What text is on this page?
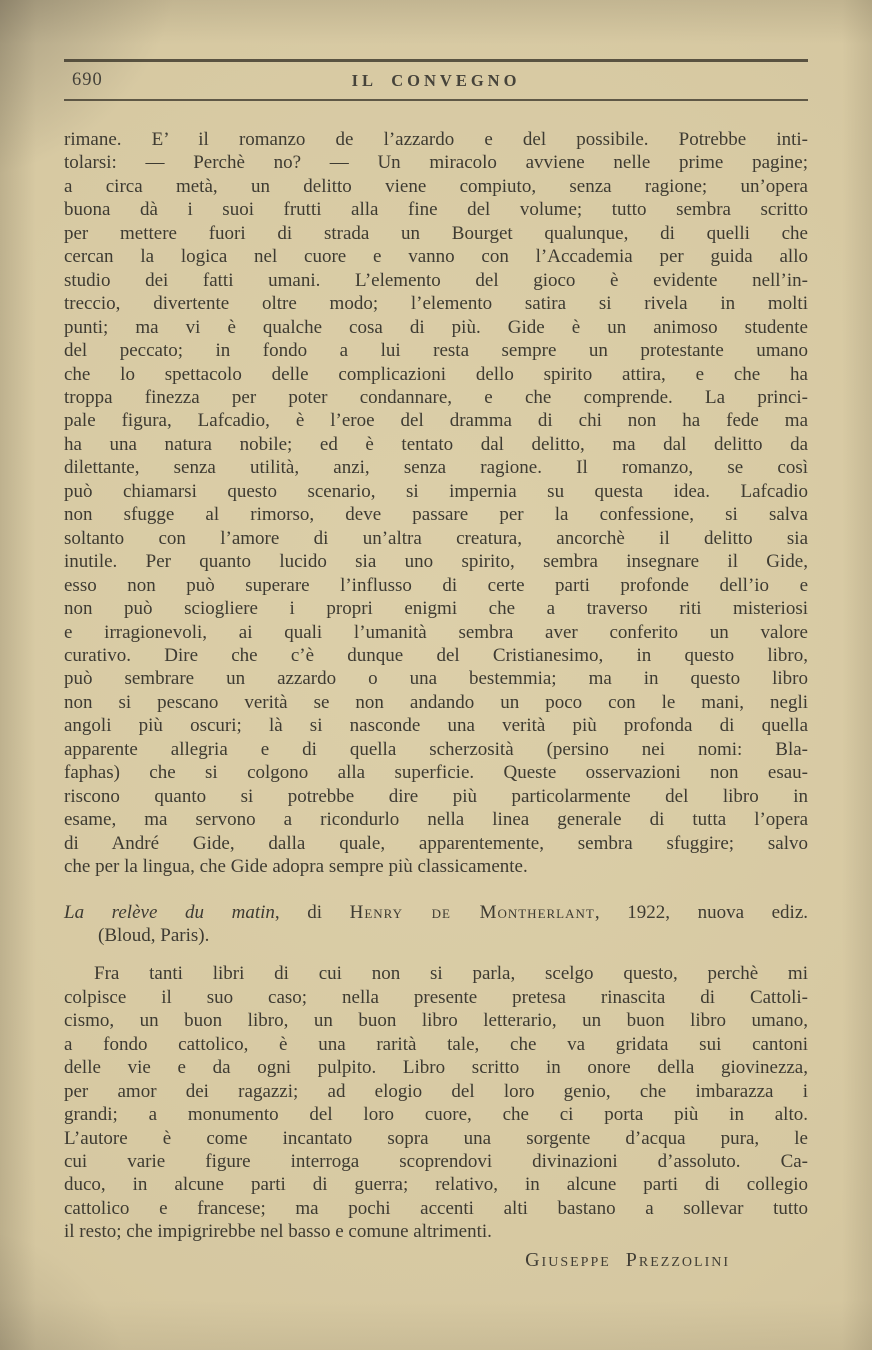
690	IL CONVEGNO
rimane. E’ il romanzo de l’azzardo e del possibile. Potrebbe inti-
tolarsi: — Perchè no? — Un miracolo avviene nelle prime pagine;
a circa metà, un delitto viene compiuto, senza ragione; un’opera
buona dà i suoi frutti alla fine del volume; tutto sembra scritto
per mettere fuori di strada un Bourget qualunque, di quelli che
cercan la logica nel cuore e vanno con l’Accademia per guida allo
studio dei fatti umani. L’elemento del gioco è evidente nell’in-
treccio, divertente oltre modo; l’elemento satira si rivela in molti
punti; ma vi è qualche cosa di più. Gide è un animoso studente
del peccato; in fondo a lui resta sempre un protestante umano
che lo spettacolo delle complicazioni dello spirito attira, e che ha
troppa finezza per poter condannare, e che comprende. La princi-
pale figura, Lafcadio, è l’eroe del dramma di chi non ha fede ma
ha una natura nobile; ed è tentato dal delitto, ma dal delitto da
dilettante, senza utilità, anzi, senza ragione. Il romanzo, se così
può chiamarsi questo scenario, si impernia su questa idea. Lafcadio
non sfugge al rimorso, deve passare per la confessione, si salva
soltanto con l’amore di un’altra creatura, ancorchè il delitto sia
inutile. Per quanto lucido sia uno spirito, sembra insegnare il Gide,
esso non può superare l’influsso di certe parti profonde dell’io e
non può sciogliere i propri enigmi che a traverso riti misteriosi
e irragionevoli, ai quali l’umanità sembra aver conferito un valore
curativo. Dire che c’è dunque del Cristianesimo, in questo libro,
può sembrare un azzardo o una bestemmia; ma in questo libro
non si pescano verità se non andando un poco con le mani, negli
angoli più oscuri; là si nasconde una verità più profonda di quella
apparente allegria e di quella scherzosità (persino nei nomi: Bla-
faphas) che si colgono alla superficie. Queste osservazioni non esau-
riscono quanto si potrebbe dire più particolarmente del libro in
esame, ma servono a ricondurlo nella linea generale di tutta l’opera
di André Gide, dalla quale, apparentemente, sembra sfuggire; salvo
che per la lingua, che Gide adopra sempre più classicamente.
La relève du matin, di Henry de Montherlant, 1922, nuova ediz.
(Bloud, Paris).
Fra tanti libri di cui non si parla, scelgo questo, perchè mi
colpisce il suo caso; nella presente pretesa rinascita di Cattoli-
cismo, un buon libro, un buon libro letterario, un buon libro umano,
a fondo cattolico, è una rarità tale, che va gridata sui cantoni
delle vie e da ogni pulpito. Libro scritto in onore della giovinezza,
per amor dei ragazzi; ad elogio del loro genio, che imbarazza i
grandi; a monumento del loro cuore, che ci porta più in alto.
L’autore è come incantato sopra una sorgente d’acqua pura, le
cui varie figure interroga scoprendovi divinazioni d’assoluto. Ca-
duco, in alcune parti di guerra; relativo, in alcune parti di collegio
cattolico e francese; ma pochi accenti alti bastano a sollevar tutto
il resto; che impigrirebbe nel basso e comune altrimenti.
Giuseppe Prezzolini
